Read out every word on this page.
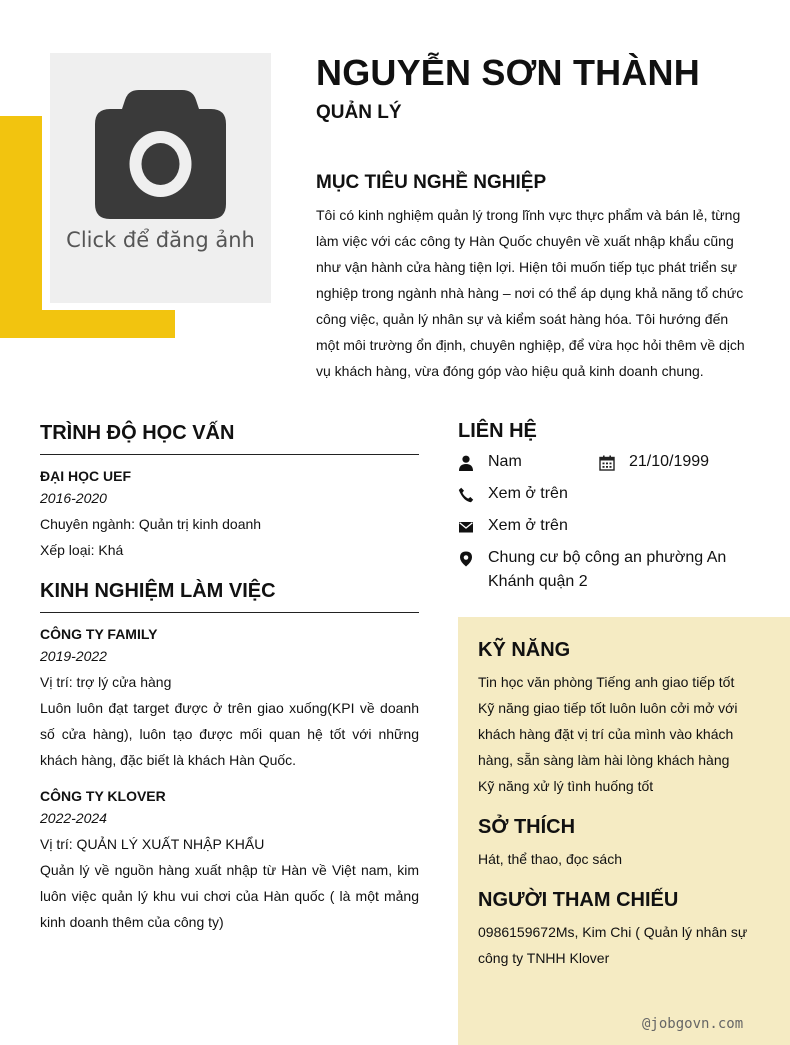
Click để đăng ảnh
NGUYỄN SƠN THÀNH

QUẢN LÝ

MỤC TIÊU NGHỀ NGHIỆP

Tôi có kinh nghiệm quản lý trong lĩnh vực thực phẩm và bán lẻ, từng làm việc với các công ty Hàn Quốc chuyên về xuất nhập khẩu cũng như vận hành cửa hàng tiện lợi. Hiện tôi muốn tiếp tục phát triển sự nghiệp trong ngành nhà hàng – nơi có thể áp dụng khả năng tổ chức công việc, quản lý nhân sự và kiểm soát hàng hóa. Tôi hướng đến một môi trường ổn định, chuyên nghiệp, để vừa học hỏi thêm về dịch vụ khách hàng, vừa đóng góp vào hiệu quả kinh doanh chung.

TRÌNH ĐỘ HỌC VẤN

ĐẠI HỌC UEF

2016-2020

Chuyên ngành: Quản trị kinh doanh

Xếp loại: Khá

KINH NGHIỆM LÀM VIỆC

CÔNG TY FAMILY

2019-2022

Vị trí: trợ lý cửa hàng

Luôn luôn đạt target được ở trên giao xuống(KPI về doanh số cửa hàng), luôn tạo được mối quan hệ tốt với những khách hàng, đặc biết là khách Hàn Quốc.

CÔNG TY KLOVER

2022-2024

Vị trí: QUẢN LÝ XUẤT NHẬP KHẨU

Quản lý về nguồn hàng xuất nhập từ Hàn về Việt nam, kim luôn việc quản lý khu vui chơi của Hàn quốc ( là một mảng kinh doanh thêm của công ty)

LIÊN HỆ
Nam	21/10/1999
Xem ở trên
Xem ở trên
Chung cư bộ công an phường An Khánh quận 2
KỸ NĂNG

Tin học văn phòng Tiếng anh giao tiếp tốt

Kỹ năng giao tiếp tốt luôn luôn cởi mở với khách hàng đặt vị trí của mình vào khách hàng, sẵn sàng làm hài lòng khách hàng

Kỹ năng xử lý tình huống tốt

SỞ THÍCH

Hát, thể thao, đọc sách

NGƯỜI THAM CHIẾU

0986159672Ms, Kim Chi ( Quản lý nhân sự công ty TNHH Klover

@jobgovn.com
